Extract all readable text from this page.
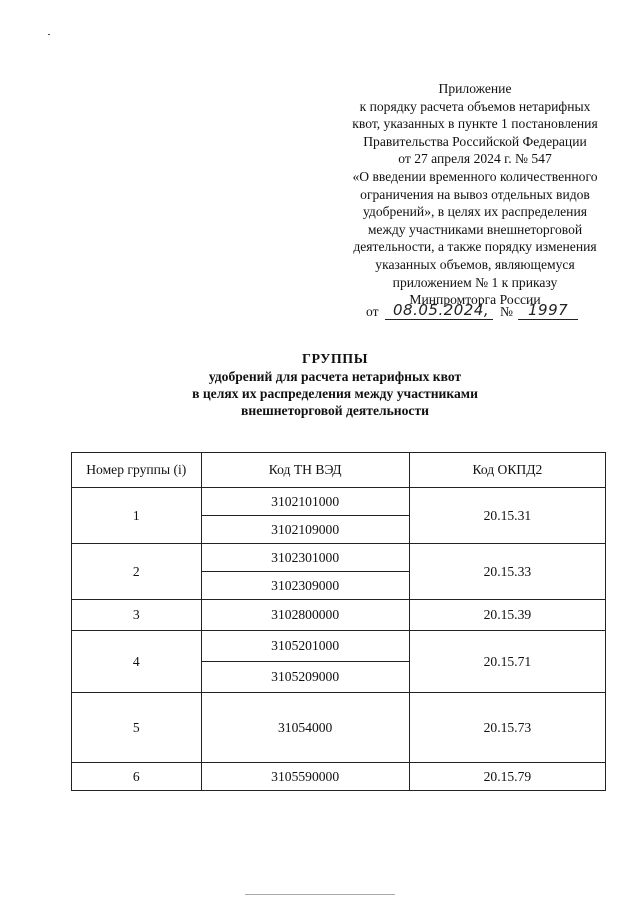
Приложение
к порядку расчета объемов нетарифных
квот, указанных в пункте 1 постановления
Правительства Российской Федерации
от 27 апреля 2024 г. № 547
«О введении временного количественного
ограничения на вывоз отдельных видов
удобрений», в целях их распределения
между участниками внешнеторговой
деятельности, а также порядку изменения
указанных объемов, являющемуся
приложением № 1 к приказу
Минпромторга России
от 08.05.2024, № 1997
ГРУППЫ
удобрений для расчета нетарифных квот
в целях их распределения между участниками
внешнеторговой деятельности
Номер группы (i)	Код ТН ВЭД	Код ОКПД2
1	3102101000	20.15.31
	3102109000	
2	3102301000	20.15.33
	3102309000	
3	3102800000	20.15.39
4	3105201000	20.15.71
	3105209000	
5	31054000	20.15.73
6	3105590000	20.15.79
